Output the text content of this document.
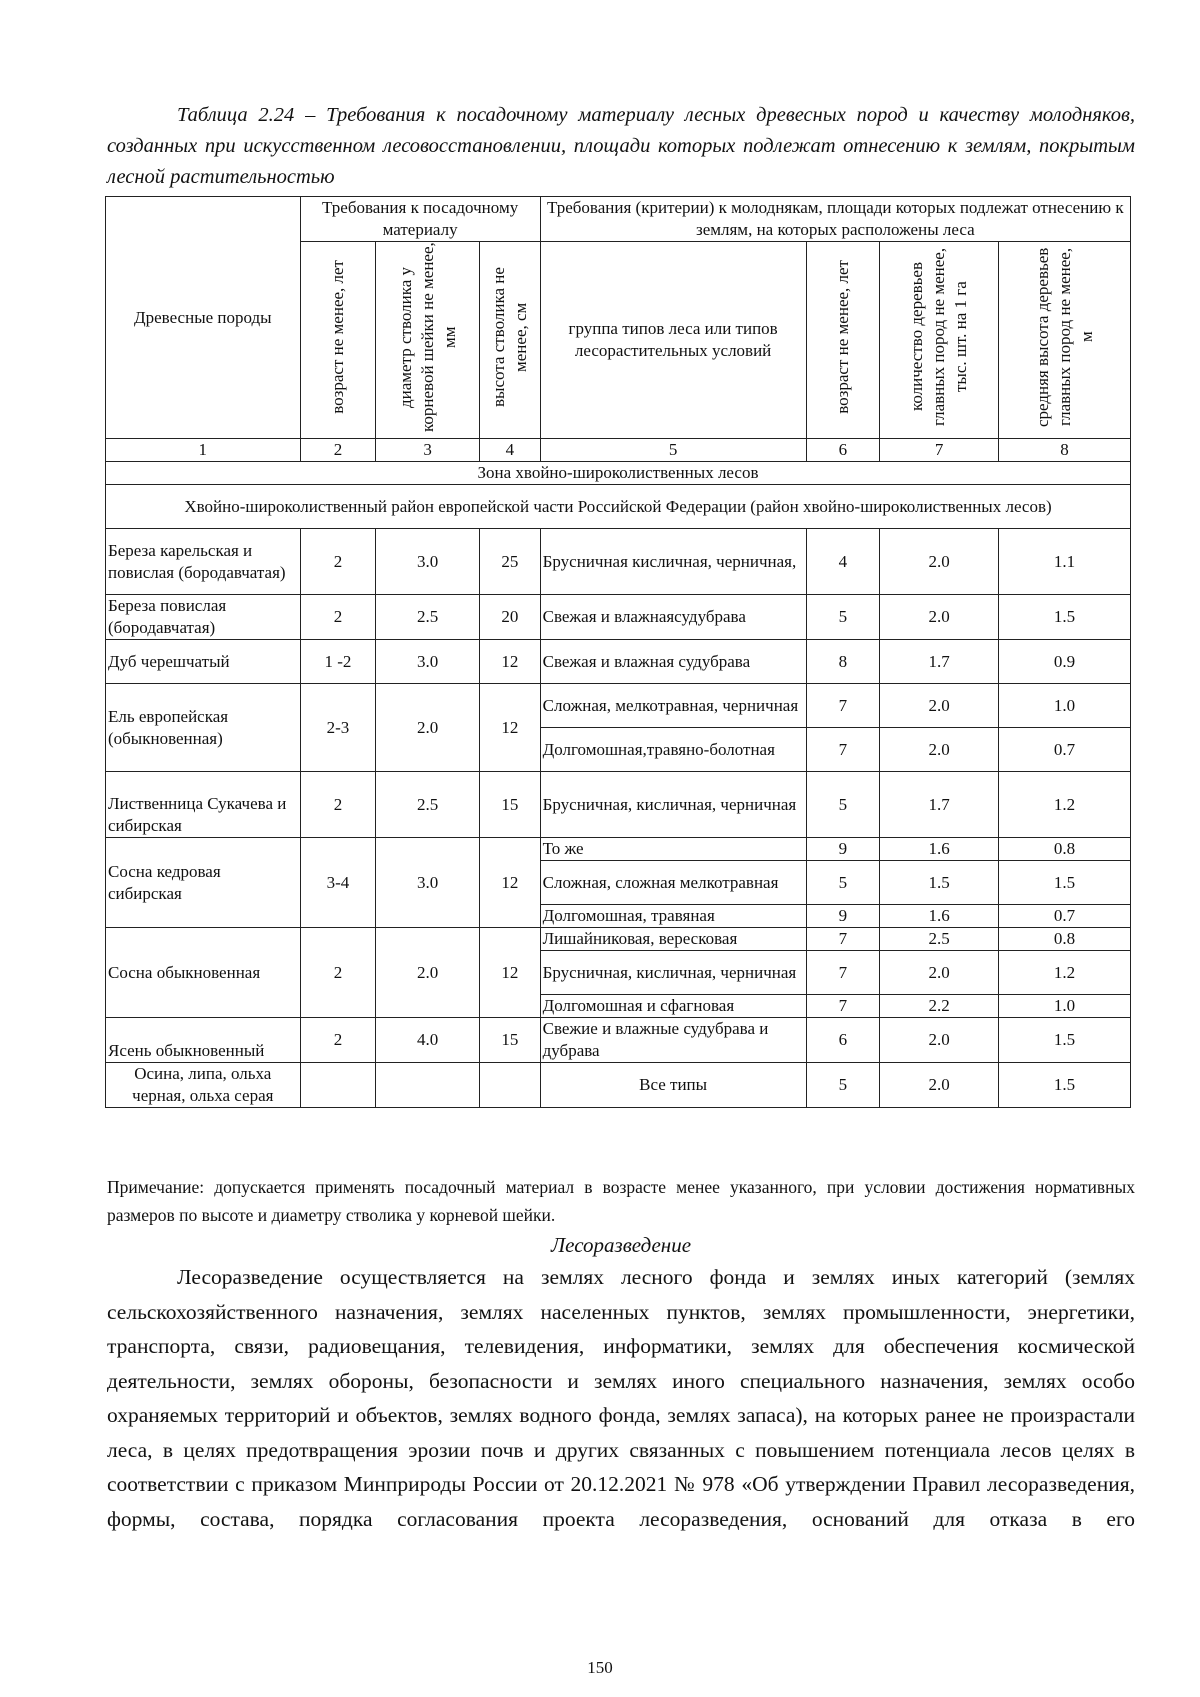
Таблица 2.24 – Требования к посадочному материалу лесных древесных пород и качеству молодняков, созданных при искусственном лесовосстановлении, площади которых подлежат отнесению к землям, покрытым лесной растительностью
Древесные породы	Требования к посадочному материалу			Требования (критерии) к молоднякам, площади которых подлежат отнесению к землям, на которых расположены леса			
	возраст не менее, лет	диаметр стволика у корневой шейки не менее, мм	высота стволика не менее, см	группа типов леса или типов лесорастительных условий	возраст не менее, лет	количество деревьев главных пород не менее, тыс. шт. на 1 га	средняя высота деревьев главных пород не менее, м
1	2	3	4	5	6	7	8
Зона хвойно-широколиственных лесов							
Хвойно-широколиственный район европейской части Российской Федерации (район хвойно-широколиственных лесов)							
Береза карельская и повислая (бородавчатая)	2	3.0	25	Брусничная кисличная, черничная,	4	2.0	1.1
Береза повислая (бородавчатая)	2	2.5	20	Свежая и влажнаясудубрава	5	2.0	1.5
Дуб черешчатый	1 -2	3.0	12	Свежая и влажная судубрава	8	1.7	0.9
Ель европейская (обыкновенная)	2-3	2.0	12	Сложная, мелкотравная, черничная	7	2.0	1.0
				Долгомошная,травяно-болотная	7	2.0	0.7
Лиственница Сукачева и сибирская	2	2.5	15	Брусничная, кисличная, черничная	5	1.7	1.2
Сосна кедровая сибирская	3-4	3.0	12	То же	9	1.6	0.8
				Сложная, сложная мелкотравная	5	1.5	1.5
				Долгомошная, травяная	9	1.6	0.7
Сосна обыкновенная	2	2.0	12	Лишайниковая, вересковая	7	2.5	0.8
				Брусничная, кисличная, черничная	7	2.0	1.2
				Долгомошная и сфагновая	7	2.2	1.0
Ясень обыкновенный	2	4.0	15	Свежие и влажные судубрава и дубрава	6	2.0	1.5
Осина, липа, ольха черная, ольха серая				Все типы	5	2.0	1.5
Примечание: допускается применять посадочный материал в возрасте менее указанного, при условии достижения нормативных размеров по высоте и диаметру стволика у корневой шейки.
Лесоразведение
Лесоразведение осуществляется на землях лесного фонда и землях иных категорий (землях сельскохозяйственного назначения, землях населенных пунктов, землях промышленности, энергетики, транспорта, связи, радиовещания, телевидения, информатики, землях для обеспечения космической деятельности, землях обороны, безопасности и землях иного специального назначения, землях особо охраняемых территорий и объектов, землях водного фонда, землях запаса), на которых ранее не произрастали леса, в целях предотвращения эрозии почв и других связанных с повышением потенциала лесов целях в соответствии с приказом Минприроды России от 20.12.2021 № 978 «Об утверждении Правил лесоразведения, формы, состава, порядка согласования проекта лесоразведения, оснований для отказа в его
150
